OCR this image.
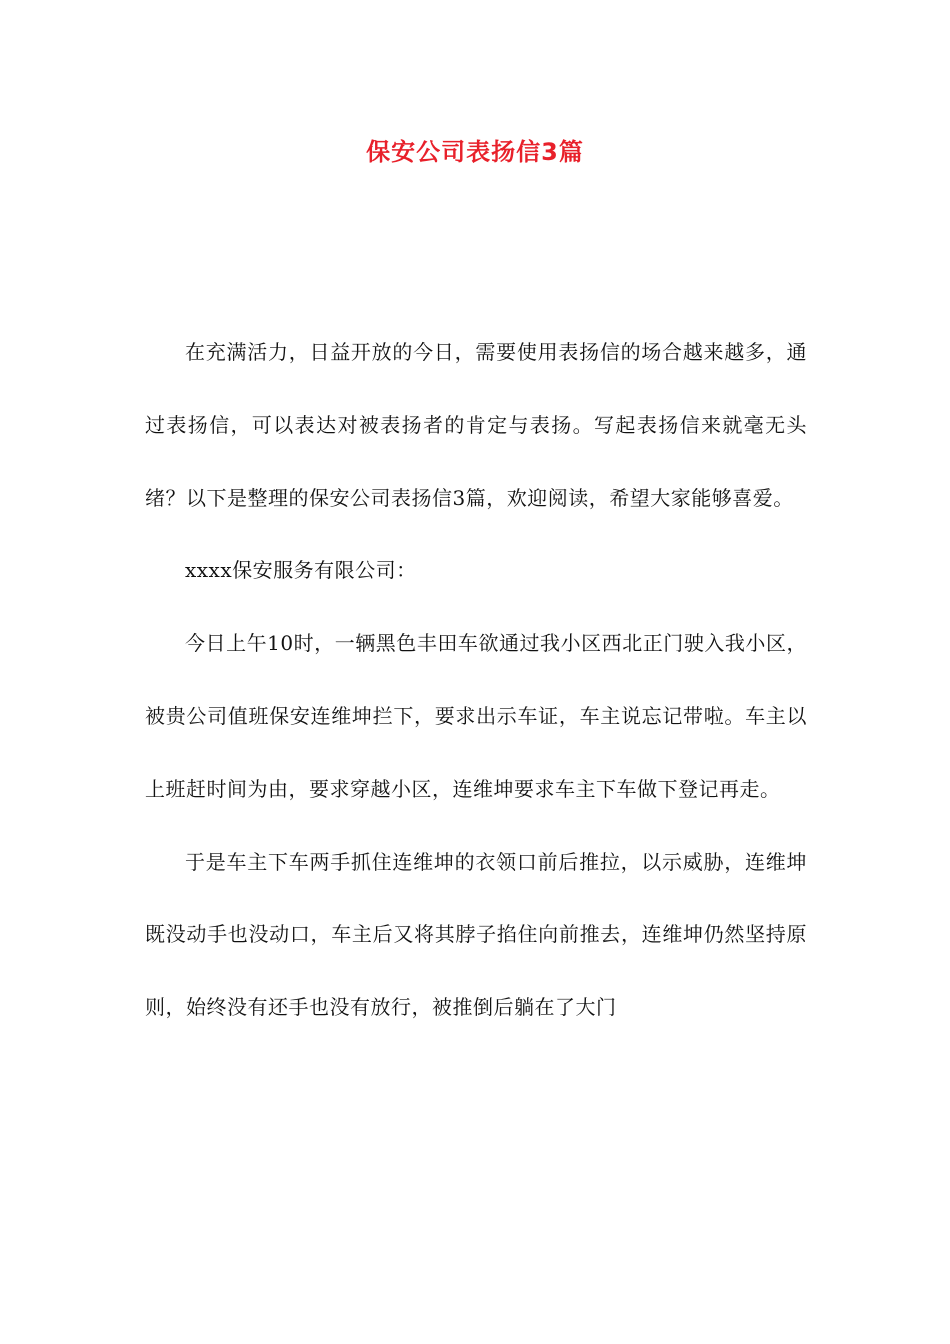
保安公司表扬信3篇

在充满活力，日益开放的今日，需要使用表扬信的场合越来越多，通过表扬信，可以表达对被表扬者的肯定与表扬。写起表扬信来就毫无头绪？以下是整理的保安公司表扬信3篇，欢迎阅读，希望大家能够喜爱。

xxxx保安服务有限公司：

今日上午10时，一辆黑色丰田车欲通过我小区西北正门驶入我小区，被贵公司值班保安连维坤拦下，要求出示车证，车主说忘记带啦。车主以上班赶时间为由，要求穿越小区，连维坤要求车主下车做下登记再走。

于是车主下车两手抓住连维坤的衣领口前后推拉，以示威胁，连维坤既没动手也没动口，车主后又将其脖子掐住向前推去，连维坤仍然坚持原则，始终没有还手也没有放行，被推倒后躺在了大门
